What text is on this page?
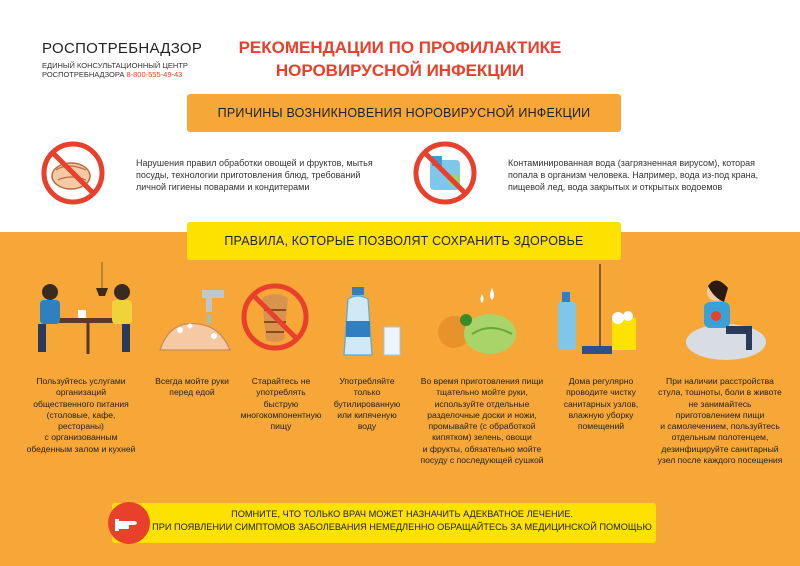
РОСПОТРЕБНАДЗОР
ЕДИНЫЙ КОНСУЛЬТАЦИОННЫЙ ЦЕНТР
РОСПОТРЕБНАДЗОРА 8-800-555-49-43
РЕКОМЕНДАЦИИ ПО ПРОФИЛАКТИКЕ
НОРОВИРУСНОЙ ИНФЕКЦИИ
ПРИЧИНЫ ВОЗНИКНОВЕНИЯ НОРОВИРУСНОЙ ИНФЕКЦИИ
Нарушения правил обработки овощей и фруктов, мытья
посуды, технологии приготовления блюд, требований
личной гигиены поварами и кондитерами
Контаминированная вода (загрязненная вирусом), которая
попала в организм человека. Например, вода из-под крана,
пищевой лед, вода закрытых и открытых водоемов
ПРАВИЛА, КОТОРЫЕ ПОЗВОЛЯТ СОХРАНИТЬ ЗДОРОВЬЕ
Пользуйтесь услугами
организаций
общественного питания
(столовые, кафе,
рестораны)
с организованным
обеденным залом и кухней
Всегда мойте руки
перед едой
Старайтесь не
употреблять
быструю
многокомпонентную
пищу
Употребляйте
только
бутилированную
или кипяченую
воду
Во время приготовления пищи
тщательно мойте руки,
используйте отдельные
разделочные доски и ножи,
промывайте (с обработкой
кипятком) зелень, овощи
и фрукты, обязательно мойте
посуду с последующей сушкой
Дома регулярно
проводите чистку
санитарных узлов,
влажную уборку
помещений
При наличии расстройства
стула, тошноты, боли в животе
не занимайтесь
приготовлением пищи
и самолечением, пользуйтесь
отдельным полотенцем,
дезинфицируйте санитарный
узел после каждого посещения
ПОМНИТЕ, ЧТО ТОЛЬКО ВРАЧ МОЖЕТ НАЗНАЧИТЬ АДЕКВАТНОЕ ЛЕЧЕНИЕ.
ПРИ ПОЯВЛЕНИИ СИМПТОМОВ ЗАБОЛЕВАНИЯ НЕМЕДЛЕННО ОБРАЩАЙТЕСЬ ЗА МЕДИЦИНСКОЙ ПОМОЩЬЮ
